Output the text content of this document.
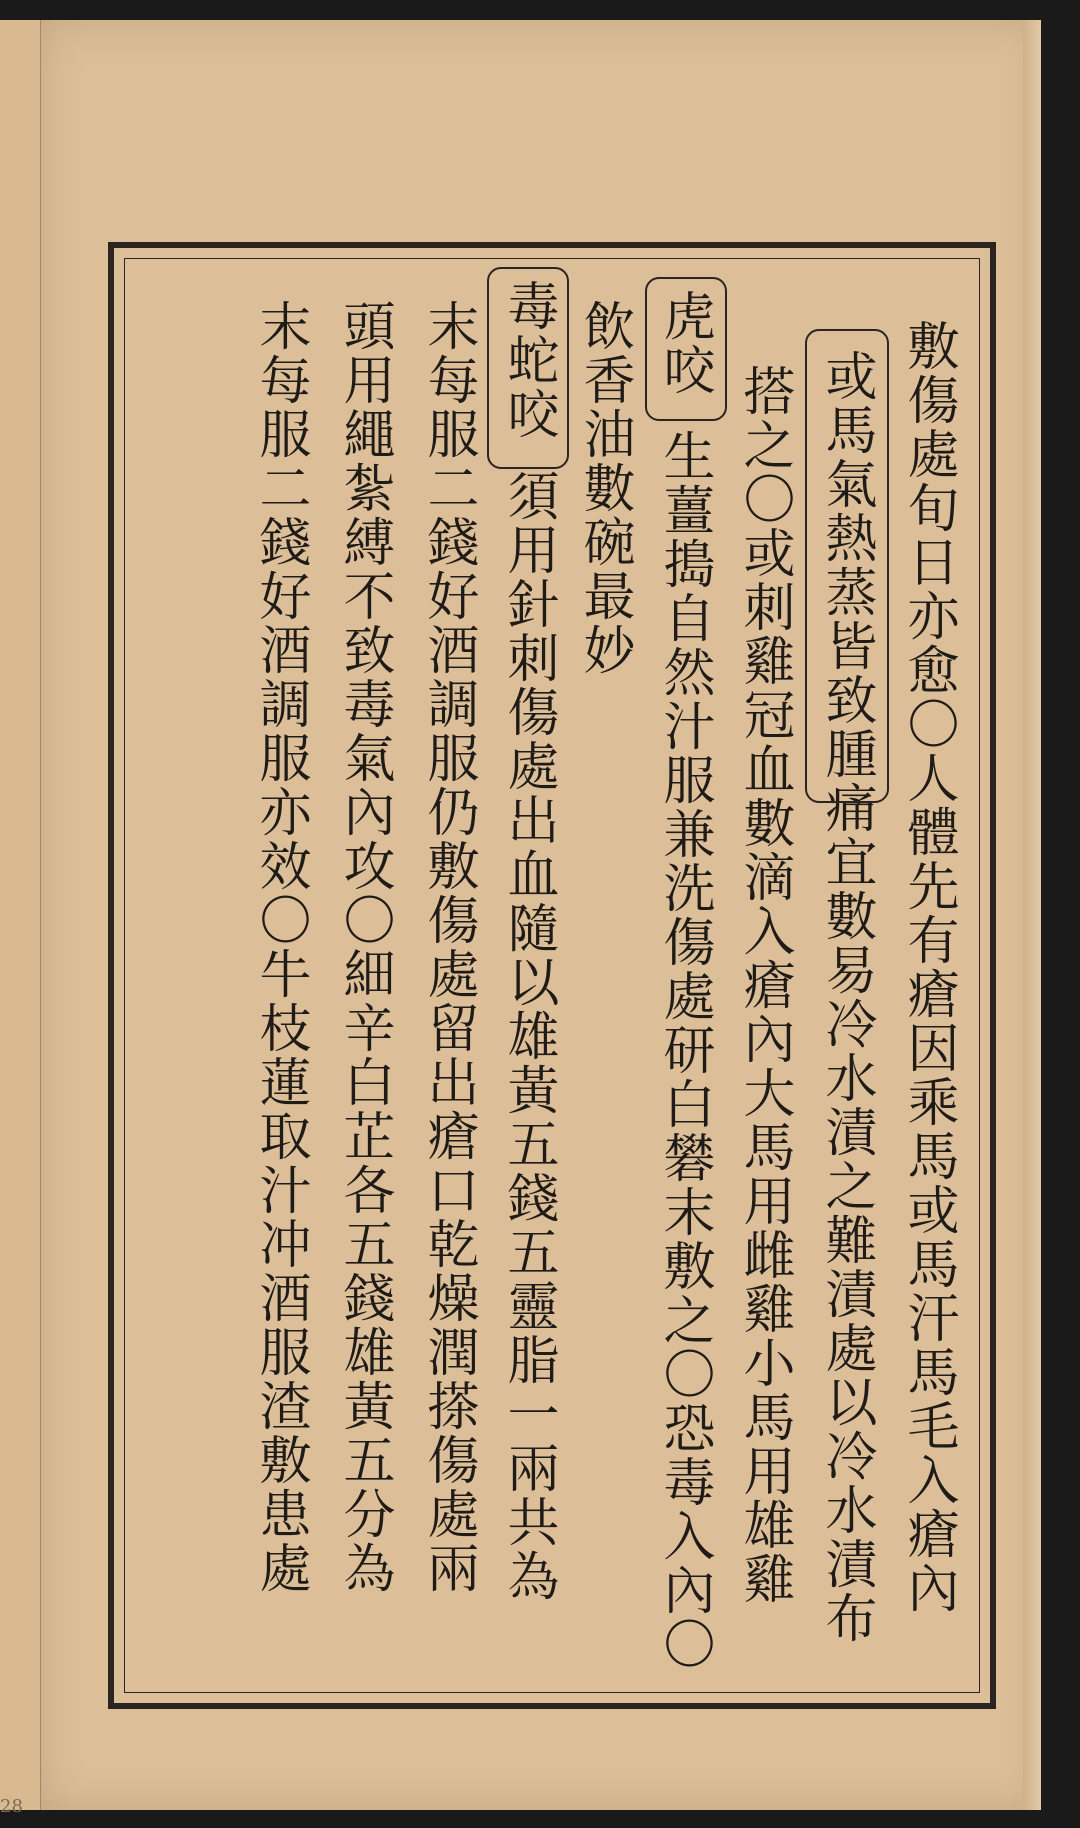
28
敷傷處旬日亦愈〇人體先有瘡因乘馬或馬汗馬毛入瘡內
或馬氣熱蒸皆致腫痛宜數易冷水漬之難漬處以冷水漬布
搭之〇或刺雞冠血數滴入瘡內大馬用雌雞小馬用雄雞
虎咬
生薑搗自然汁服兼洗傷處研白礬末敷之〇恐毒入內〇
飲香油數碗最妙
毒蛇咬
須用針刺傷處出血隨以雄黃五錢五靈脂一兩共為
末每服二錢好酒調服仍敷傷處留出瘡口乾燥潤搽傷處兩
頭用繩紮縛不致毒氣內攻〇細辛白芷各五錢雄黃五分為
末每服二錢好酒調服亦效〇牛枝蓮取汁冲酒服渣敷患處
